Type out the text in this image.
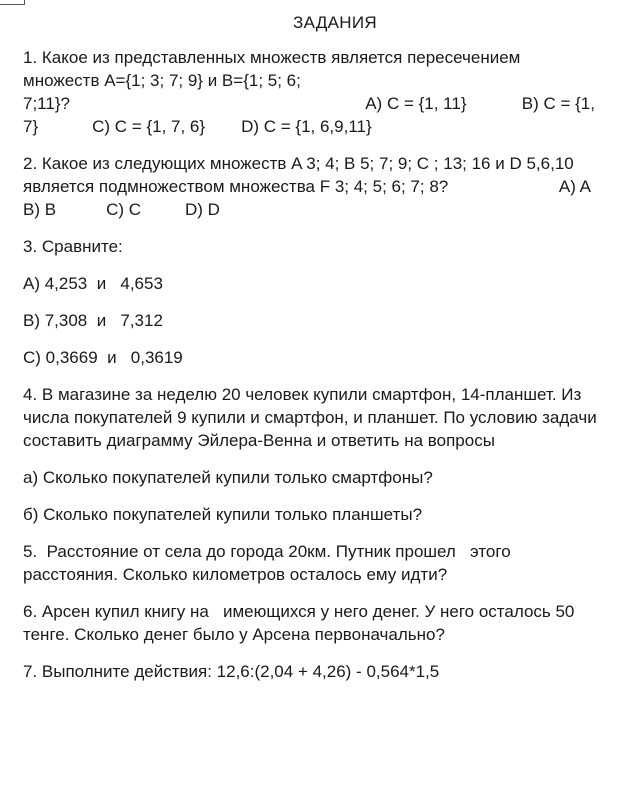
ЗАДАНИЯ

1. Какое из представленных множеств является пересечением

множеств А={1; 3; 7; 9} и B={1; 5; 6;

7;11}?	A) C = {1, 11}	B) C = {1,

7}	C) C = {1, 7, 6} D) C = {1, 6,9,11}

2. Какое из следующих множеств A 3; 4; B 5; 7; 9; C ; 13; 16 и D 5,6,10

является подмножеством множества F 3; 4; 5; 6; 7; 8?	A) A

B) B	C) C	D) D

3. Сравните:

A) 4,253  и   4,653

B) 7,308  и   7,312

C) 0,3669  и   0,3619

4. В магазине за неделю 20 человек купили смартфон, 14-планшет. Из

числа покупателей 9 купили и смартфон, и планшет. По условию задачи

составить диаграмму Эйлера-Венна и ответить на вопросы

а) Сколько покупателей купили только смартфоны?

б) Сколько покупателей купили только планшеты?

5.  Расстояние от села до города 20км. Путник прошел   этого

расстояния. Сколько километров осталось ему идти?

6. Арсен купил книгу на   имеющихся у него денег. У него осталось 50

тенге. Сколько денег было у Арсена первоначально?

7. Выполните действия: 12,6:(2,04 + 4,26) - 0,564*1,5
